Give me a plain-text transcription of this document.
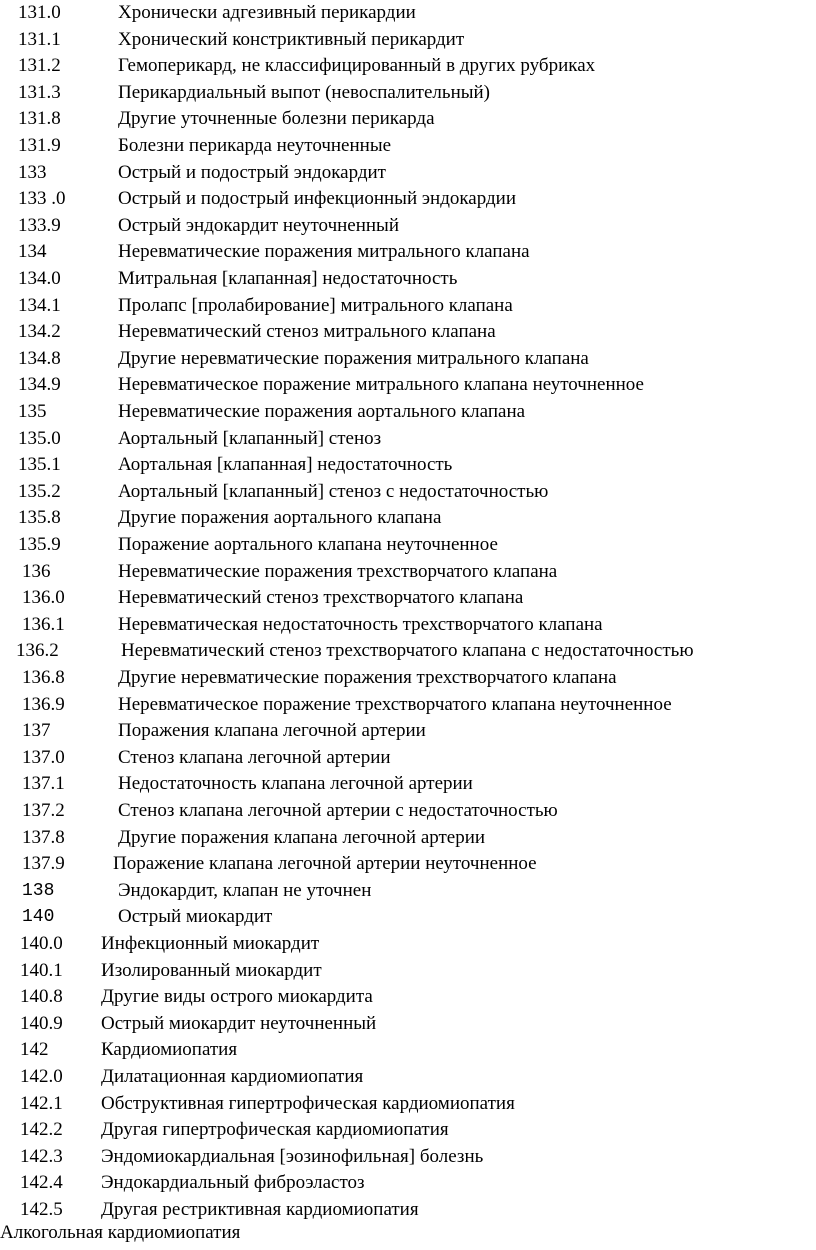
131.0	Хронически адгезивный перикардии
131.1	Хронический констриктивный перикардит
131.2	Гемоперикард, не классифицированный в других рубриках
131.3	Перикардиальный выпот (невоспалительный)
131.8	Другие уточненные болезни перикарда
131.9	Болезни перикарда неуточненные
133	Острый и подострый эндокардит
133 .0	Острый и подострый инфекционный эндокардии
133.9	Острый эндокардит неуточненный
134	Неревматические поражения митрального клапана
134.0	Митральная [клапанная] недостаточность
134.1	Пролапс [пролабирование] митрального клапана
134.2	Неревматический стеноз митрального клапана
134.8	Другие неревматические поражения митрального клапана
134.9	Неревматическое поражение митрального клапана неуточненное
135	Неревматические поражения аортального клапана
135.0	Аортальный [клапанный] стеноз
135.1	Аортальная [клапанная] недостаточность
135.2	Аортальный [клапанный] стеноз с недостаточностью
135.8	Другие поражения аортального клапана
135.9	Поражение аортального клапана неуточненное
136	Неревматические поражения трехстворчатого клапана
136.0	Неревматический стеноз трехстворчатого клапана
136.1	Неревматическая недостаточность трехстворчатого клапана
136.2	Неревматический стеноз трехстворчатого клапана с недостаточностью
136.8	Другие неревматические поражения трехстворчатого клапана
136.9	Неревматическое поражение трехстворчатого клапана неуточненное
137	Поражения клапана легочной артерии
137.0	Стеноз клапана легочной артерии
137.1	Недостаточность клапана легочной артерии
137.2	Стеноз клапана легочной артерии с недостаточностью
137.8	Другие поражения клапана легочной артерии
137.9	Поражение клапана легочной артерии неуточненное
138	Эндокардит, клапан не уточнен
140	Острый миокардит
140.0 Инфекционный миокардит
140.1 Изолированный миокардит
140.8 Другие виды острого миокардита
140.9 Острый миокардит неуточненный
142	Кардиомиопатия
142.0 Дилатационная кардиомиопатия
142.1 Обструктивная гипертрофическая кардиомиопатия
142.2 Другая гипертрофическая кардиомиопатия
142.3 Эндомиокардиальная [эозинофильная] болезнь
142.4 Эндокардиальный фиброэластоз
142.5 Другая рестриктивная кардиомиопатия
Алкогольная кардиомиопатия
